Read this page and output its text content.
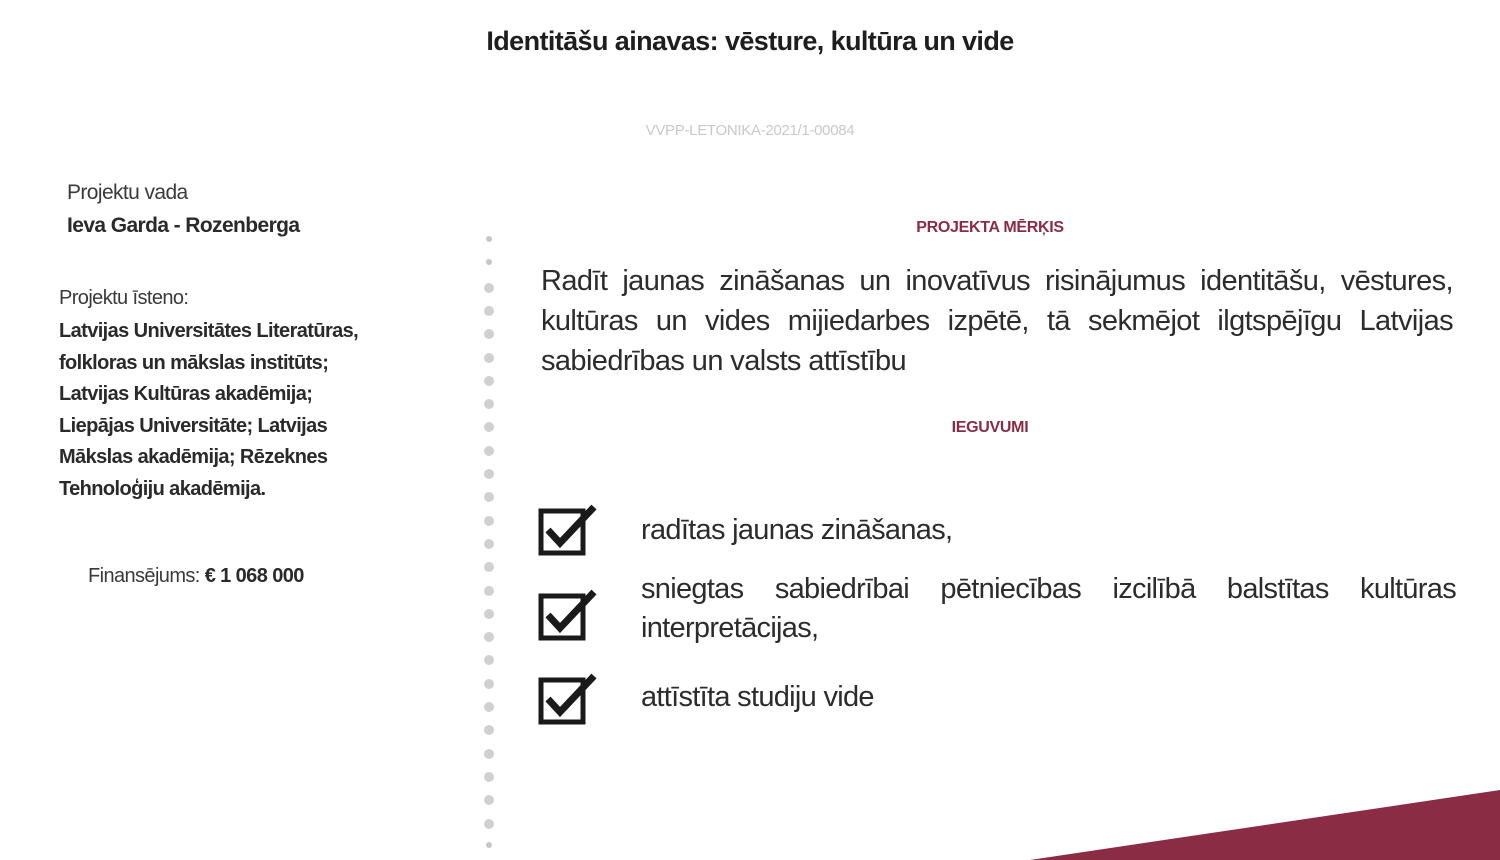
Identitāšu ainavas: vēsture, kultūra un vide
VVPP-LETONIKA-2021/1-00084
Projektu vada
Ieva Garda - Rozenberga
Projektu īsteno:
Latvijas Universitātes Literatūras,
folkloras un mākslas institūts;
Latvijas Kultūras akadēmija;
Liepājas Universitāte; Latvijas
Mākslas akadēmija; Rēzeknes
Tehnoloģiju akadēmija.
Finansējums: € 1 068 000
PROJEKTA MĒRĶIS

Radīt jaunas zināšanas un inovatīvus risinājumus identitāšu, vēstures, kultūras un vides mijiedarbes izpētē, tā sekmējot ilgtspējīgu Latvijas sabiedrības un valsts attīstību

IEGUVUMI

radītas jaunas zināšanas,

sniegtas sabiedrībai pētniecības izcilībā balstītas kultūras interpretācijas,

attīstīta studiju vide
